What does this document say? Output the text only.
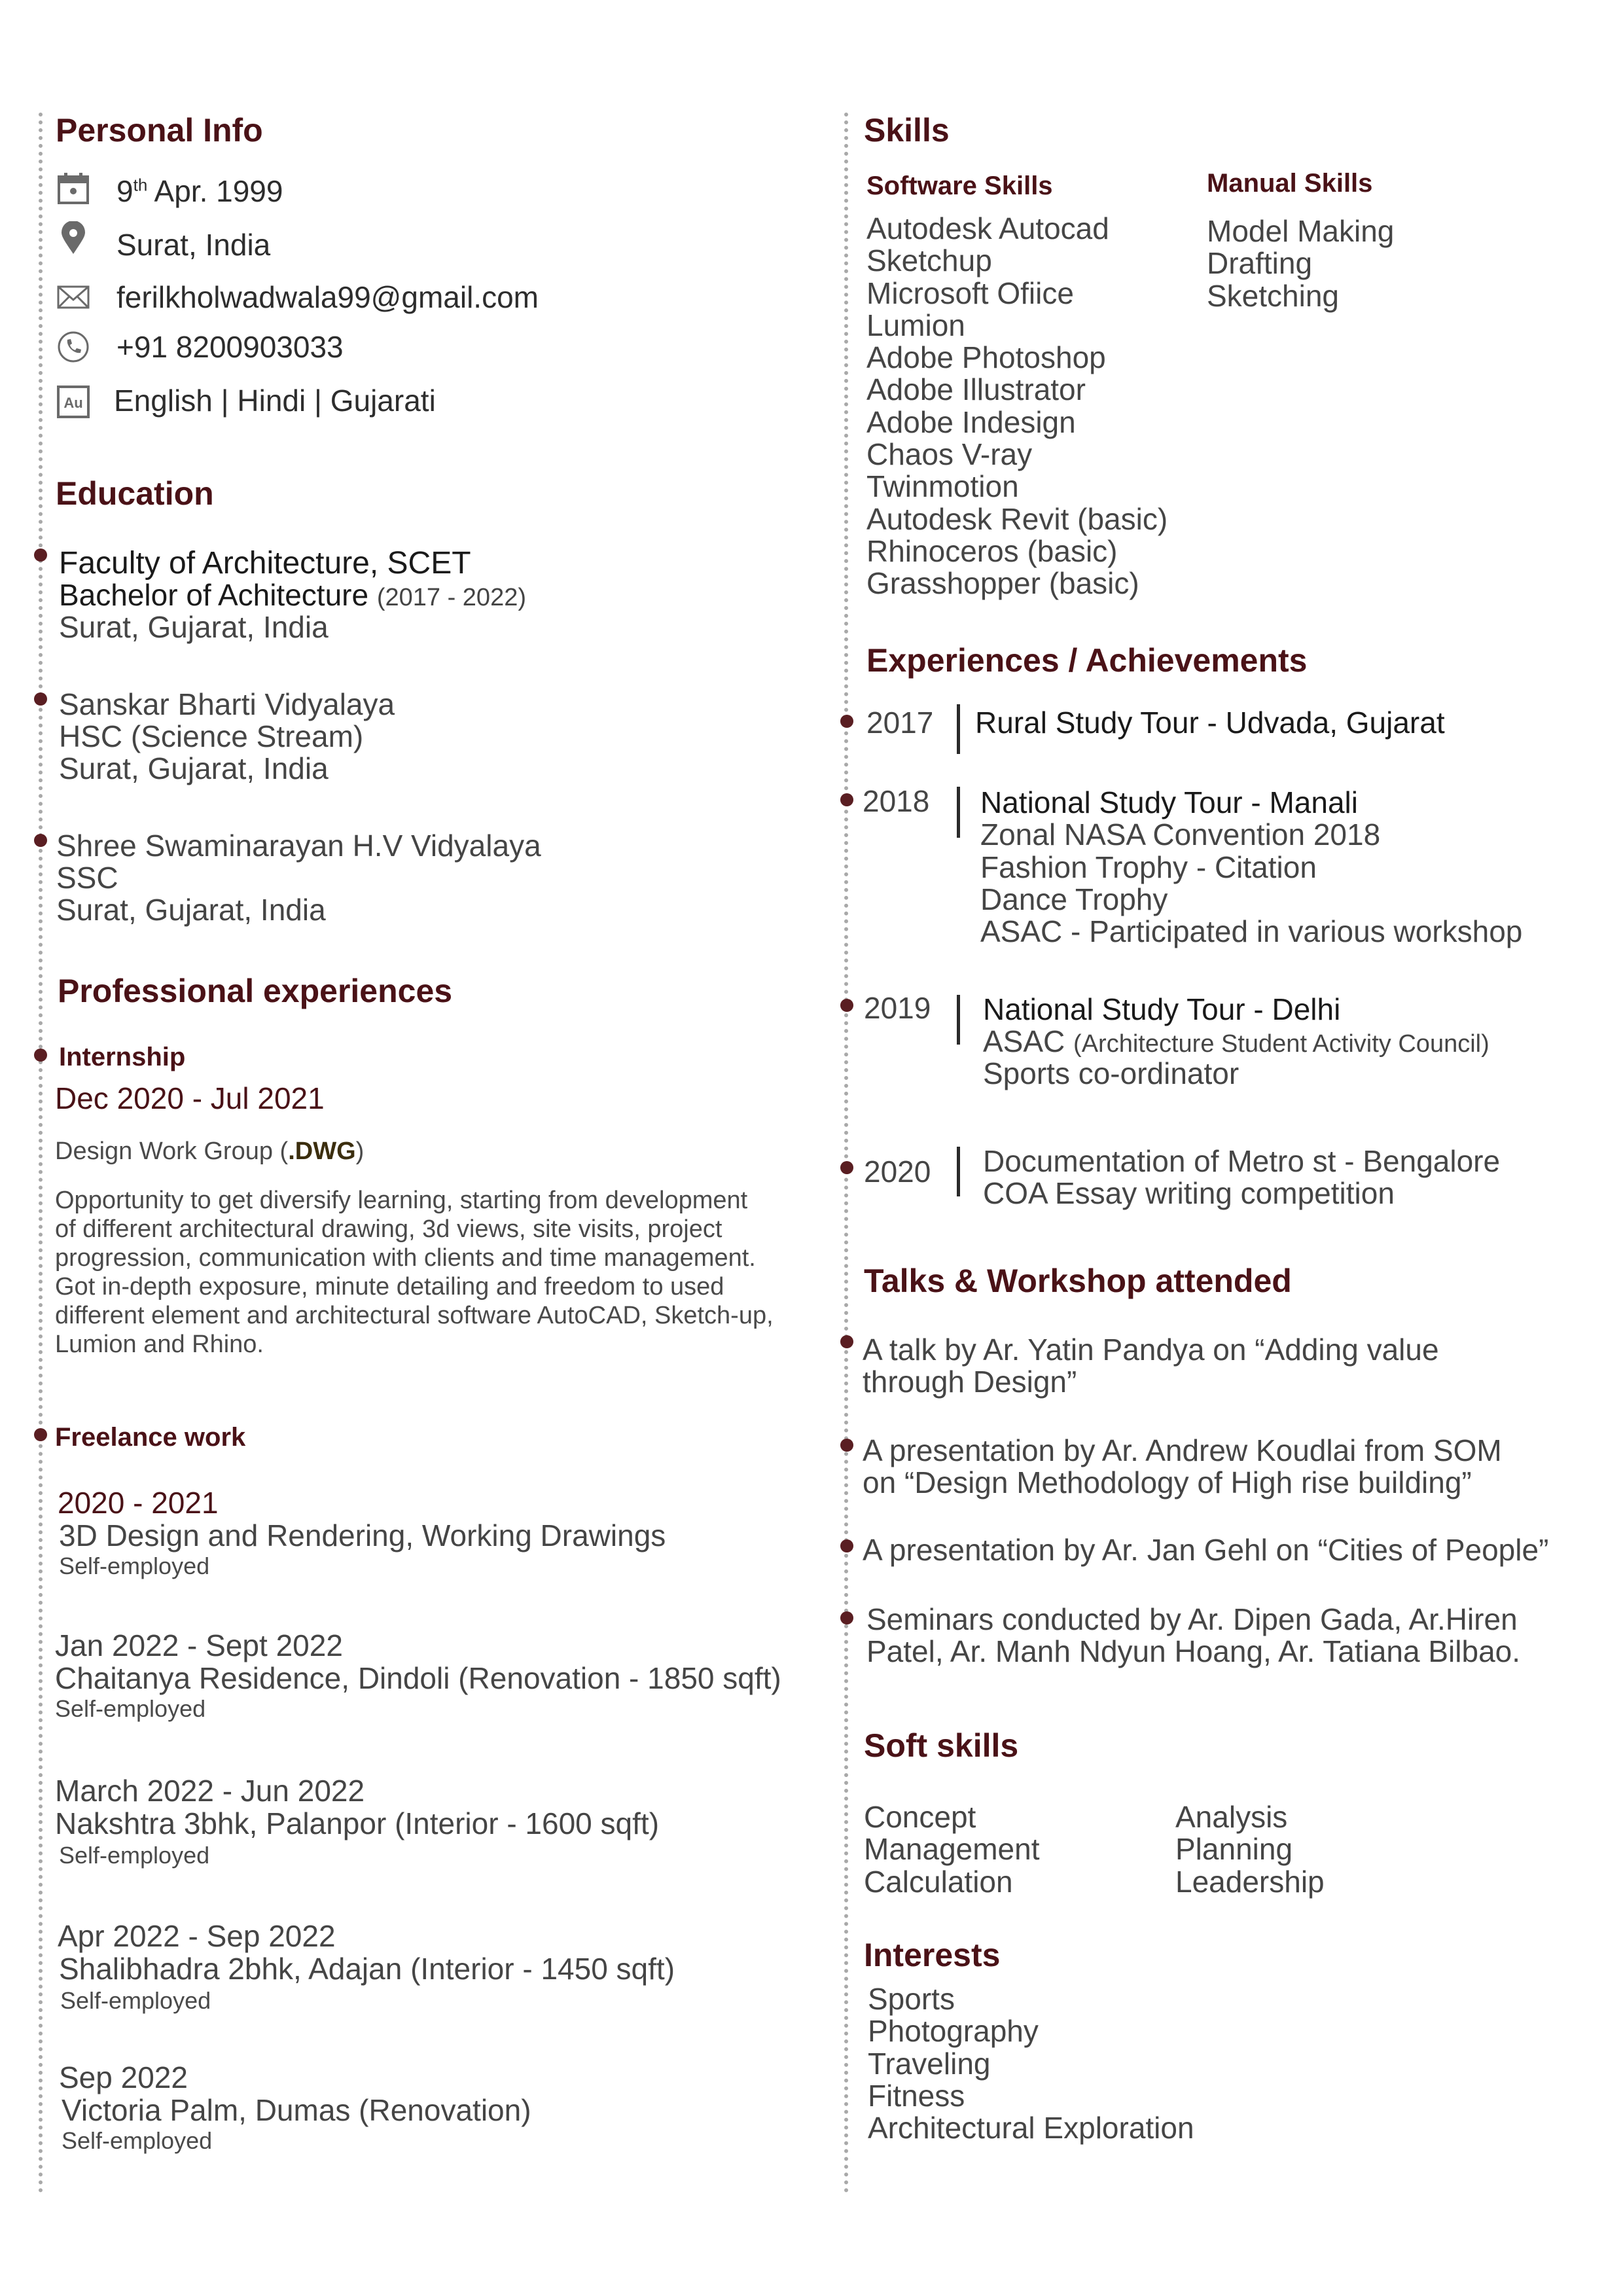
Personal Info
9th Apr. 1999
Surat, India
ferilkholwadwala99@gmail.com
+91 8200903033
Au English | Hindi | Gujarati
Education
Faculty of Architecture, SCET
Bachelor of Achitecture (2017 - 2022)
Surat, Gujarat, India
Sanskar Bharti Vidyalaya
HSC (Science Stream)
Surat, Gujarat, India
Shree Swaminarayan H.V Vidyalaya
SSC
Surat, Gujarat, India
Professional experiences
Internship
Dec 2020 - Jul 2021
Design Work Group (.DWG)
Opportunity to get diversify learning, starting from development of different architectural drawing, 3d views, site visits, project progression, communication with clients and time management. Got in-depth exposure, minute detailing and freedom to used different element and architectural software AutoCAD, Sketch-up, Lumion and Rhino.
Freelance work
2020 - 2021
3D Design and Rendering, Working Drawings
Self-employed
Jan 2022 - Sept 2022
Chaitanya Residence, Dindoli (Renovation - 1850 sqft)
Self-employed
March 2022 - Jun 2022
Nakshtra 3bhk, Palanpor (Interior - 1600 sqft)
Self-employed
Apr 2022 - Sep 2022
Shalibhadra 2bhk, Adajan (Interior - 1450 sqft)
Self-employed
Sep 2022
Victoria Palm, Dumas (Renovation)
Self-employed
Skills
Software Skills
Autodesk Autocad
Sketchup
Microsoft Ofiice
Lumion
Adobe Photoshop
Adobe Illustrator
Adobe Indesign
Chaos V-ray
Twinmotion
Autodesk Revit (basic)
Rhinoceros (basic)
Grasshopper (basic)
Manual Skills
Model Making
Drafting
Sketching
Experiences / Achievements
2017 Rural Study Tour - Udvada, Gujarat
2018 National Study Tour - Manali
Zonal NASA Convention 2018
Fashion Trophy - Citation
Dance Trophy
ASAC - Participated in various workshop
2019 National Study Tour - Delhi
ASAC (Architecture Student Activity Council)
Sports co-ordinator
2020 Documentation of Metro st - Bengalore
COA Essay writing competition
Talks & Workshop attended
A talk by Ar. Yatin Pandya on “Adding value
through Design”
A presentation by Ar. Andrew Koudlai from SOM
on “Design Methodology of High rise building”
A presentation by Ar. Jan Gehl on “Cities of People”
Seminars conducted by Ar. Dipen Gada, Ar.Hiren
Patel, Ar. Manh Ndyun Hoang, Ar. Tatiana Bilbao.
Soft skills
Concept
Management
Calculation
Analysis
Planning
Leadership
Interests
Sports
Photography
Traveling
Fitness
Architectural Exploration
